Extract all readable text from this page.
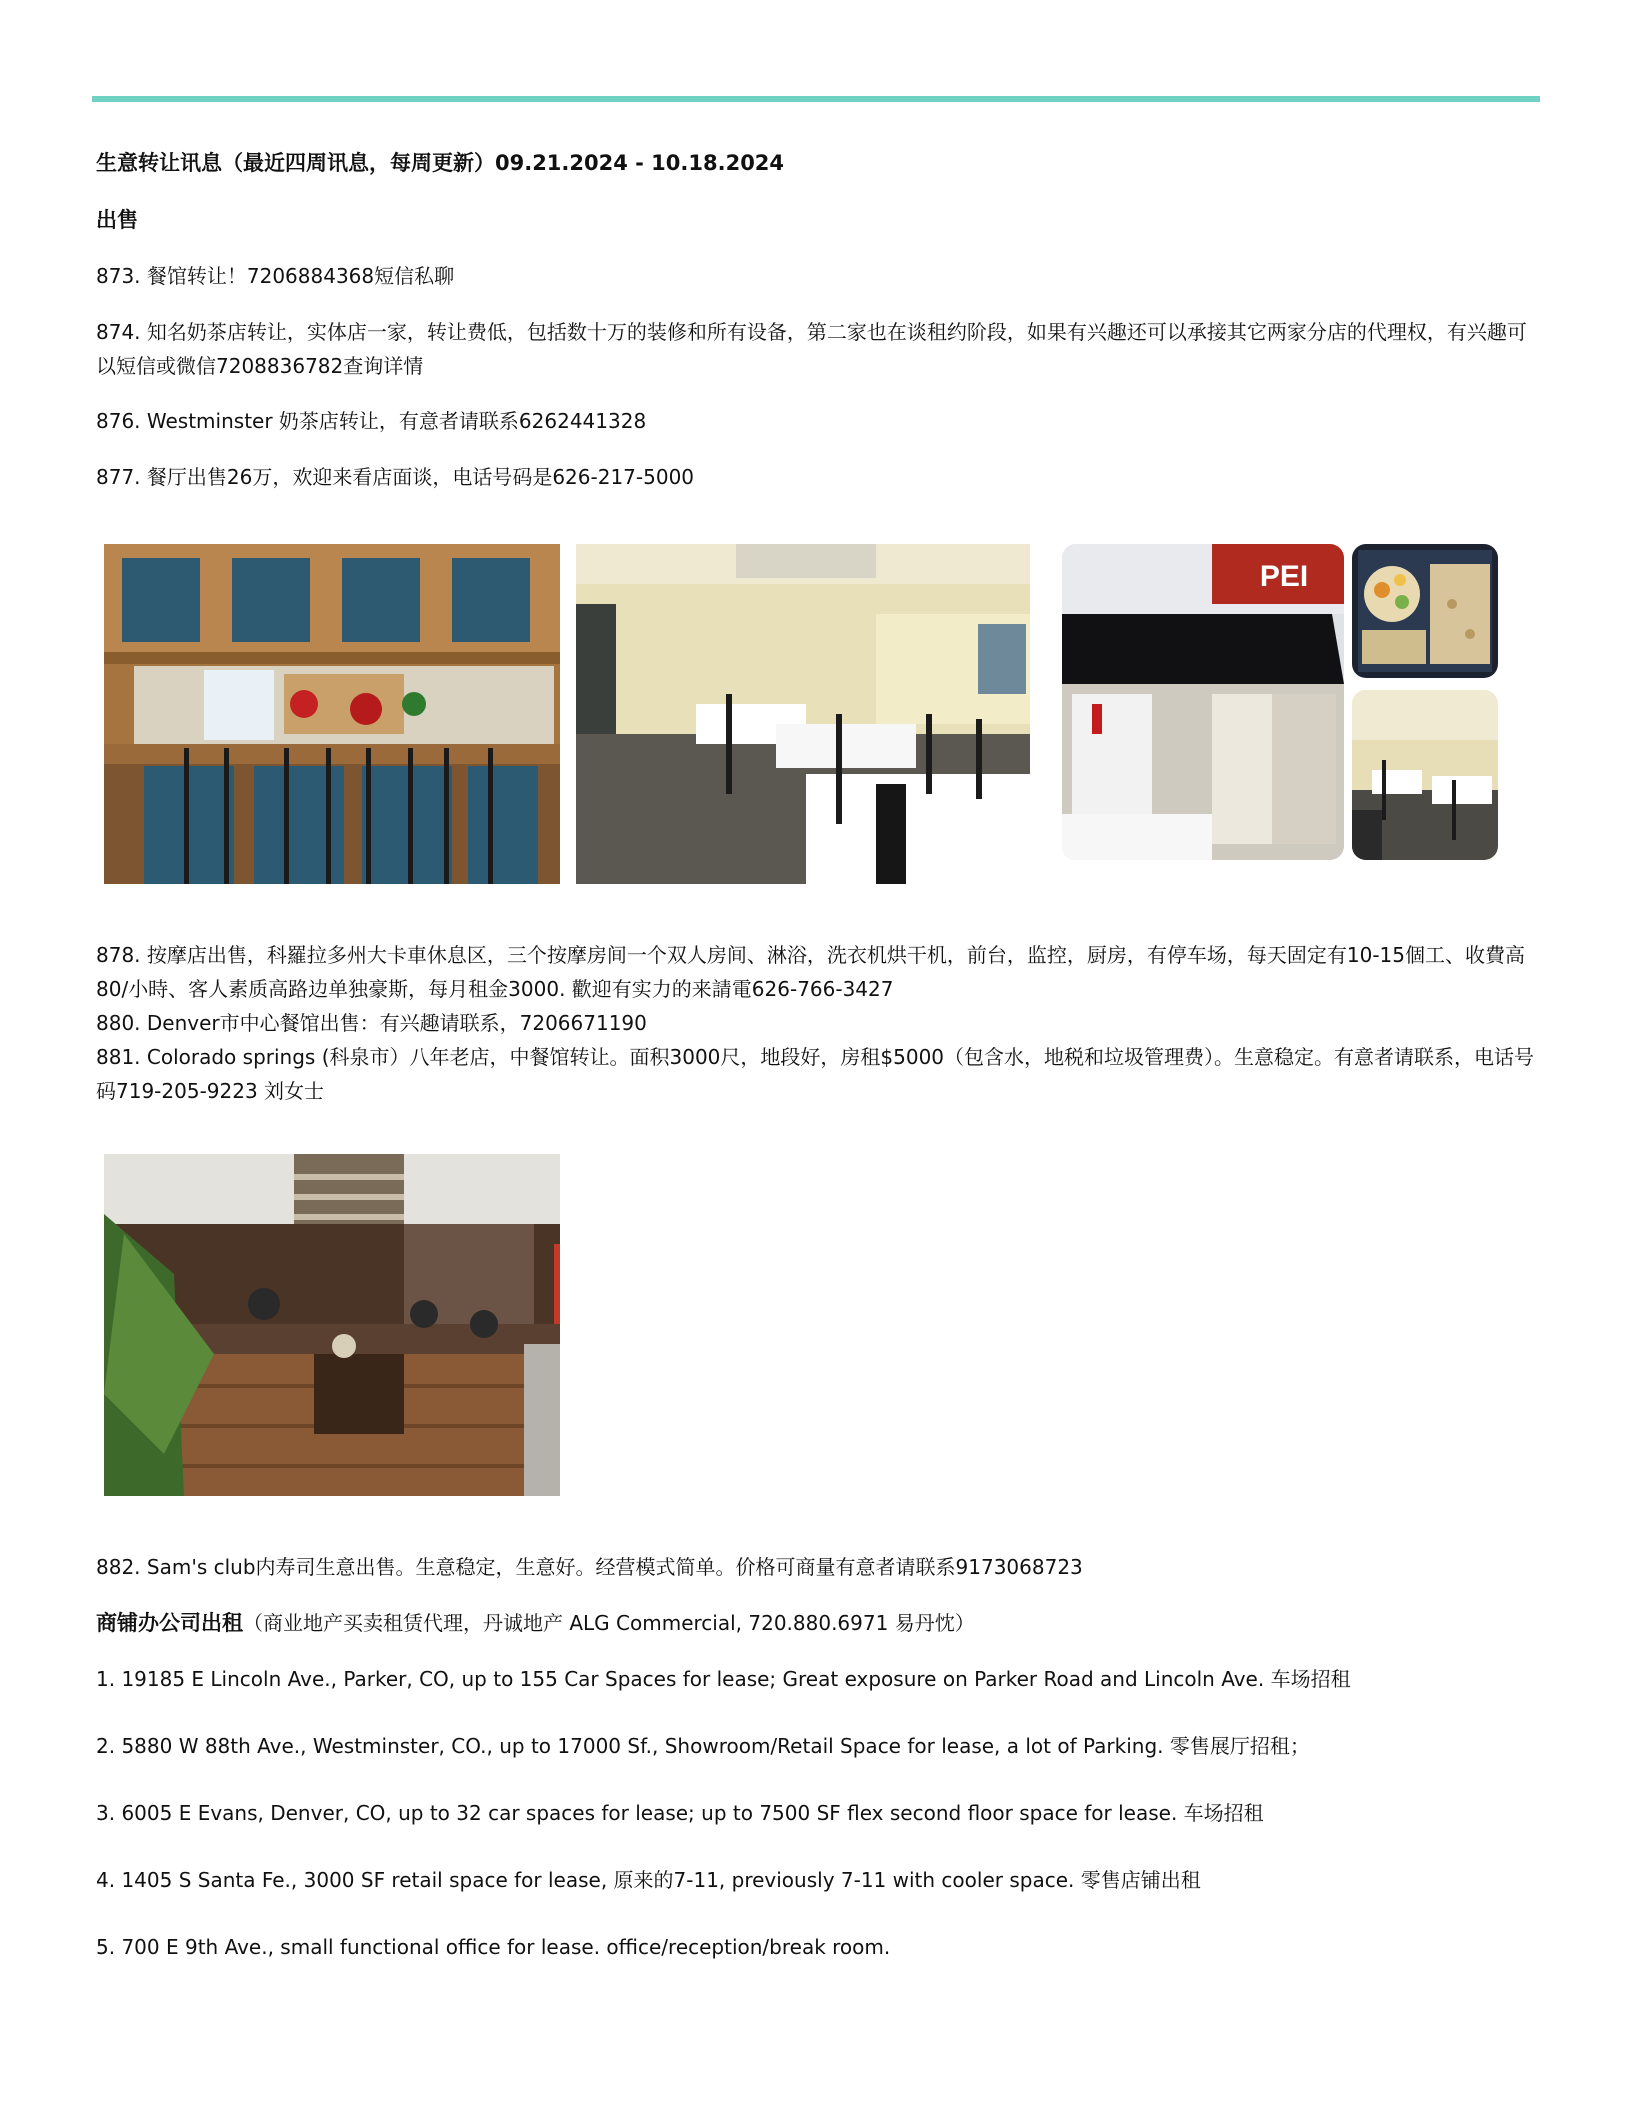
生意转让讯息（最近四周讯息，每周更新）09.21.2024 - 10.18.2024
出售
873. 餐馆转让！7206884368短信私聊
874. 知名奶茶店转让，实体店一家，转让费低，包括数十万的装修和所有设备，第二家也在谈租约阶段，如果有兴趣还可以承接其它两家分店的代理权，有兴趣可以短信或微信7208836782查询详情
876. Westminster 奶茶店转让，有意者请联系6262441328
877. 餐厅出售26万，欢迎来看店面谈，电话号码是626-217-5000
PEI
878. 按摩店出售，科羅拉多州大卡車休息区，三个按摩房间一个双人房间、淋浴，洗衣机烘干机，前台，监控，厨房，有停车场，每天固定有10-15個工、收費高80/小時、客人素质高路边单独豪斯，每月租金3000. 歡迎有实力的来請電626-766-3427
880. Denver市中心餐馆出售：有兴趣请联系，7206671190
881. Colorado springs (科泉市）八年老店，中餐馆转让。面积3000尺，地段好，房租$5000（包含水，地税和垃圾管理费）。生意稳定。有意者请联系，电话号码719-205-9223 刘女士
882. Sam's club内寿司生意出售。生意稳定，生意好。经营模式简单。价格可商量有意者请联系9173068723
商铺办公司出租（商业地产买卖租赁代理，丹诚地产 ALG Commercial, 720.880.6971 易丹忱）
1. 19185 E Lincoln Ave., Parker, CO, up to 155 Car Spaces for lease; Great exposure on Parker Road and Lincoln Ave. 车场招租
2. 5880 W 88th Ave., Westminster, CO., up to 17000 Sf., Showroom/Retail Space for lease, a lot of Parking. 零售展厅招租；
3. 6005 E Evans, Denver, CO, up to 32 car spaces for lease; up to 7500 SF flex second floor space for lease. 车场招租
4. 1405 S Santa Fe., 3000 SF retail space for lease, 原来的7-11, previously 7-11 with cooler space. 零售店铺出租
5. 700 E 9th Ave., small functional office for lease. office/reception/break room.
